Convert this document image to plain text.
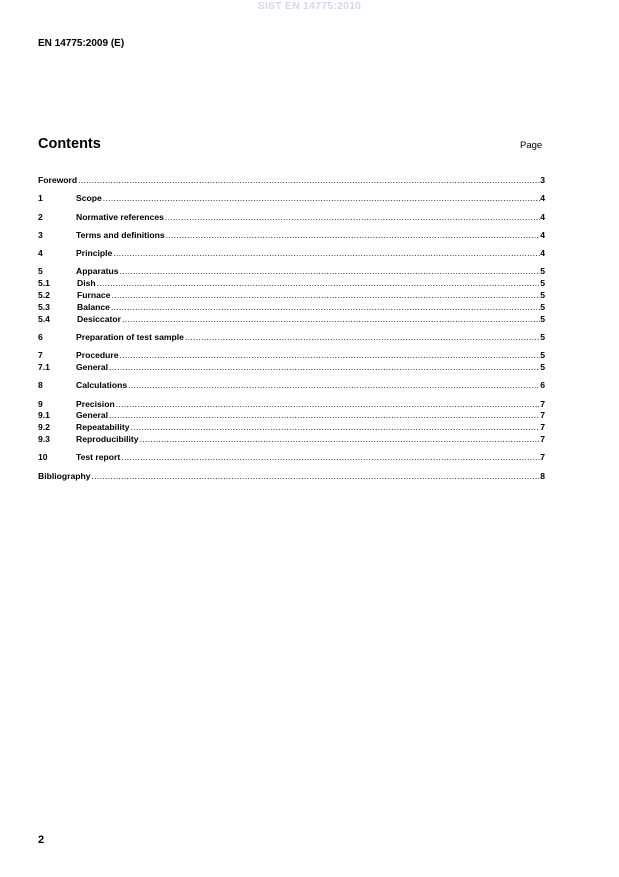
SIST EN 14775:2010
EN 14775:2009 (E)
Contents	Page
Foreword .....	3
1	Scope .....	4
2	Normative references .....	4
3	Terms and definitions .....	4
4	Principle .....	4
5	Apparatus .....	5
5.1	Dish .....	5
5.2	Furnace .....	5
5.3	Balance .....	5
5.4	Desiccator .....	5
6	Preparation of test sample .....	5
7	Procedure .....	5
7.1	General .....	5
8	Calculations .....	6
9	Precision .....	7
9.1	General .....	7
9.2	Repeatability .....	7
9.3	Reproducibility .....	7
10	Test report .....	7
Bibliography .....	8
2
